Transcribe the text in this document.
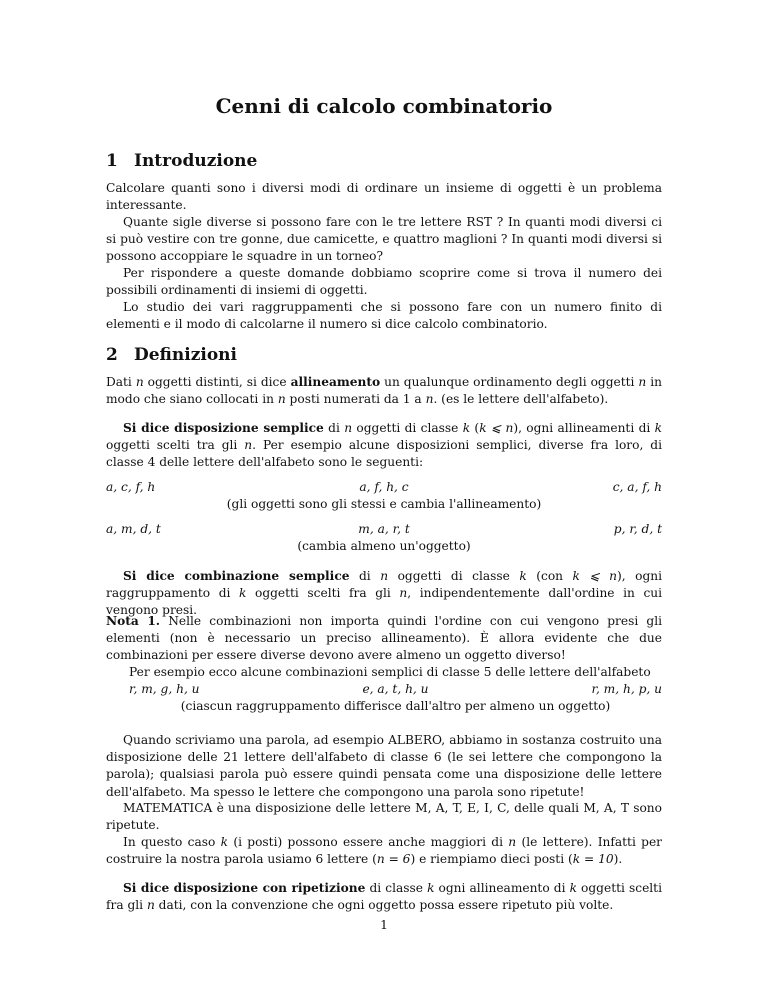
Cenni di calcolo combinatorio
1 Introduzione
Calcolare quanti sono i diversi modi di ordinare un insieme di oggetti è un problema interessante.
Quante sigle diverse si possono fare con le tre lettere RST ? In quanti modi diversi ci si può vestire con tre gonne, due camicette, e quattro maglioni ? In quanti modi diversi si possono accoppiare le squadre in un torneo?
Per rispondere a queste domande dobbiamo scoprire come si trova il numero dei possibili ordinamenti di insiemi di oggetti.
Lo studio dei vari raggruppamenti che si possono fare con un numero finito di elementi e il modo di calcolarne il numero si dice calcolo combinatorio.
2 Definizioni
Dati n oggetti distinti, si dice allineamento un qualunque ordinamento degli oggetti n in modo che siano collocati in n posti numerati da 1 a n. (es le lettere dell'alfabeto).
Si dice disposizione semplice di n oggetti di classe k (k ⩽ n), ogni allineamenti di k oggetti scelti tra gli n. Per esempio alcune disposizioni semplici, diverse fra loro, di classe 4 delle lettere dell'alfabeto sono le seguenti:
a, c, f, h	a, f, h, c	c, a, f, h
(gli oggetti sono gli stessi e cambia l'allineamento)
a, m, d, t	m, a, r, t	p, r, d, t
(cambia almeno un'oggetto)
Si dice combinazione semplice di n oggetti di classe k (con k ⩽ n), ogni raggruppamento di k oggetti scelti fra gli n, indipendentemente dall'ordine in cui vengono presi.
Nota 1. Nelle combinazioni non importa quindi l'ordine con cui vengono presi gli elementi (non è necessario un preciso allineamento). È allora evidente che due combinazioni per essere diverse devono avere almeno un oggetto diverso!
Per esempio ecco alcune combinazioni semplici di classe 5 delle lettere dell'alfabeto
r, m, g, h, u	e, a, t, h, u	r, m, h, p, u
(ciascun raggruppamento differisce dall'altro per almeno un oggetto)
Quando scriviamo una parola, ad esempio ALBERO, abbiamo in sostanza costruito una disposizione delle 21 lettere dell'alfabeto di classe 6 (le sei lettere che compongono la parola); qualsiasi parola può essere quindi pensata come una disposizione delle lettere dell'alfabeto. Ma spesso le lettere che compongono una parola sono ripetute!
MATEMATICA è una disposizione delle lettere M, A, T, E, I, C, delle quali M, A, T sono ripetute.
In questo caso k (i posti) possono essere anche maggiori di n (le lettere). Infatti per costruire la nostra parola usiamo 6 lettere (n = 6) e riempiamo dieci posti (k = 10).
Si dice disposizione con ripetizione di classe k ogni allineamento di k oggetti scelti fra gli n dati, con la convenzione che ogni oggetto possa essere ripetuto più volte.
1
